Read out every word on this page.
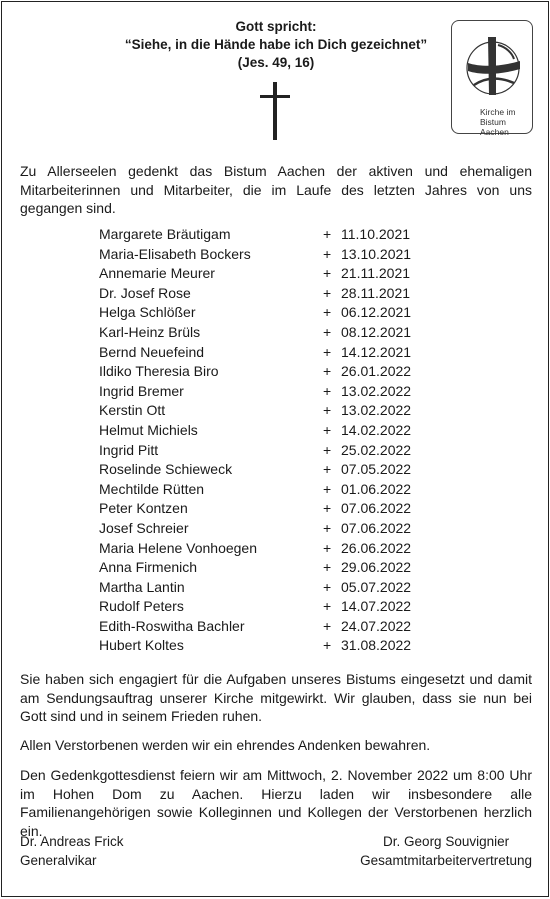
Gott spricht:
“Siehe, in die Hände habe ich Dich gezeichnet”
(Jes. 49, 16)
Kirche im
Bistum Aachen
Zu Allerseelen gedenkt das Bistum Aachen der aktiven und ehemaligen Mitarbeiterinnen und Mitarbeiter, die im Laufe des letzten Jahres von uns gegangen sind.
Margarete Bräutigam	+ 11.10.2021
Maria-Elisabeth Bockers	+ 13.10.2021
Annemarie Meurer	+ 21.11.2021
Dr. Josef Rose	+ 28.11.2021
Helga Schlößer	+ 06.12.2021
Karl-Heinz Brüls	+ 08.12.2021
Bernd Neuefeind	+ 14.12.2021
Ildiko Theresia Biro	+ 26.01.2022
Ingrid Bremer	+ 13.02.2022
Kerstin Ott	+ 13.02.2022
Helmut Michiels	+ 14.02.2022
Ingrid Pitt	+ 25.02.2022
Roselinde Schieweck	+ 07.05.2022
Mechtilde Rütten	+ 01.06.2022
Peter Kontzen	+ 07.06.2022
Josef Schreier	+ 07.06.2022
Maria Helene Vonhoegen	+ 26.06.2022
Anna Firmenich	+ 29.06.2022
Martha Lantin	+ 05.07.2022
Rudolf Peters	+ 14.07.2022
Edith-Roswitha Bachler	+ 24.07.2022
Hubert Koltes	+ 31.08.2022
Sie haben sich engagiert für die Aufgaben unseres Bistums eingesetzt und damit am Sendungsauftrag unserer Kirche mitgewirkt. Wir glauben, dass sie nun bei Gott sind und in seinem Frieden ruhen.
Allen Verstorbenen werden wir ein ehrendes Andenken bewahren.
Den Gedenkgottesdienst feiern wir am Mittwoch, 2. November 2022 um 8:00 Uhr im Hohen Dom zu Aachen. Hierzu laden wir insbesondere alle Familienangehörigen sowie Kolleginnen und Kollegen der Verstorbenen herzlich ein.
Dr. Andreas Frick
Generalvikar
Dr. Georg Souvignier
Gesamtmitarbeitervertretung
